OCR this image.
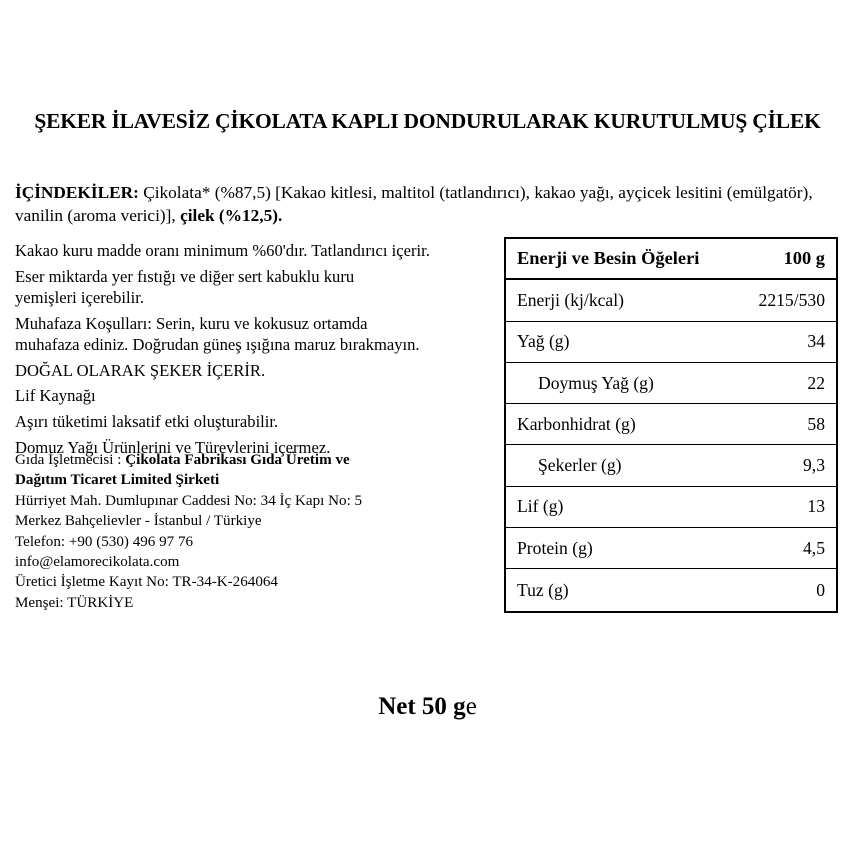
ŞEKER İLAVESİZ ÇİKOLATA KAPLI DONDURULARAK KURUTULMUŞ ÇİLEK
İÇİNDEKİLER: Çikolata* (%87,5) [Kakao kitlesi, maltitol (tatlandırıcı), kakao yağı, ayçicek lesitini (emülgatör), vanilin (aroma verici)], çilek (%12,5).

Kakao kuru madde oranı minimum %60'dır. Tatlandırıcı içerir.

Eser miktarda yer fıstığı ve diğer sert kabuklu kuru

yemişleri içerebilir.

Muhafaza Koşulları: Serin, kuru ve kokusuz ortamda

muhafaza ediniz. Doğrudan güneş ışığına maruz bırakmayın.

DOĞAL OLARAK ŞEKER İÇERİR.

Lif Kaynağı

Aşırı tüketimi laksatif etki oluşturabilir.

Domuz Yağı Ürünlerini ve Türevlerini içermez.

Gıda İşletmecisi : Çikolata Fabrikası Gıda Üretim ve

Dağıtım Ticaret Limited Şirketi

Hürriyet Mah. Dumlupınar Caddesi No: 34 İç Kapı No: 5

Merkez Bahçelievler - İstanbul / Türkiye

Telefon: +90 (530) 496 97 76

info@elamorecikolata.com

Üretici İşletme Kayıt No: TR-34-K-264064

Menşei: TÜRKİYE

Enerji ve Besin Öğeleri	100 g
Enerji (kj/kcal)	2215/530
Yağ (g)	34
Doymuş Yağ (g)	22
Karbonhidrat (g)	58
Şekerler (g)	9,3
Lif (g)	13
Protein (g)	4,5
Tuz (g)	0
Net 50 ge
